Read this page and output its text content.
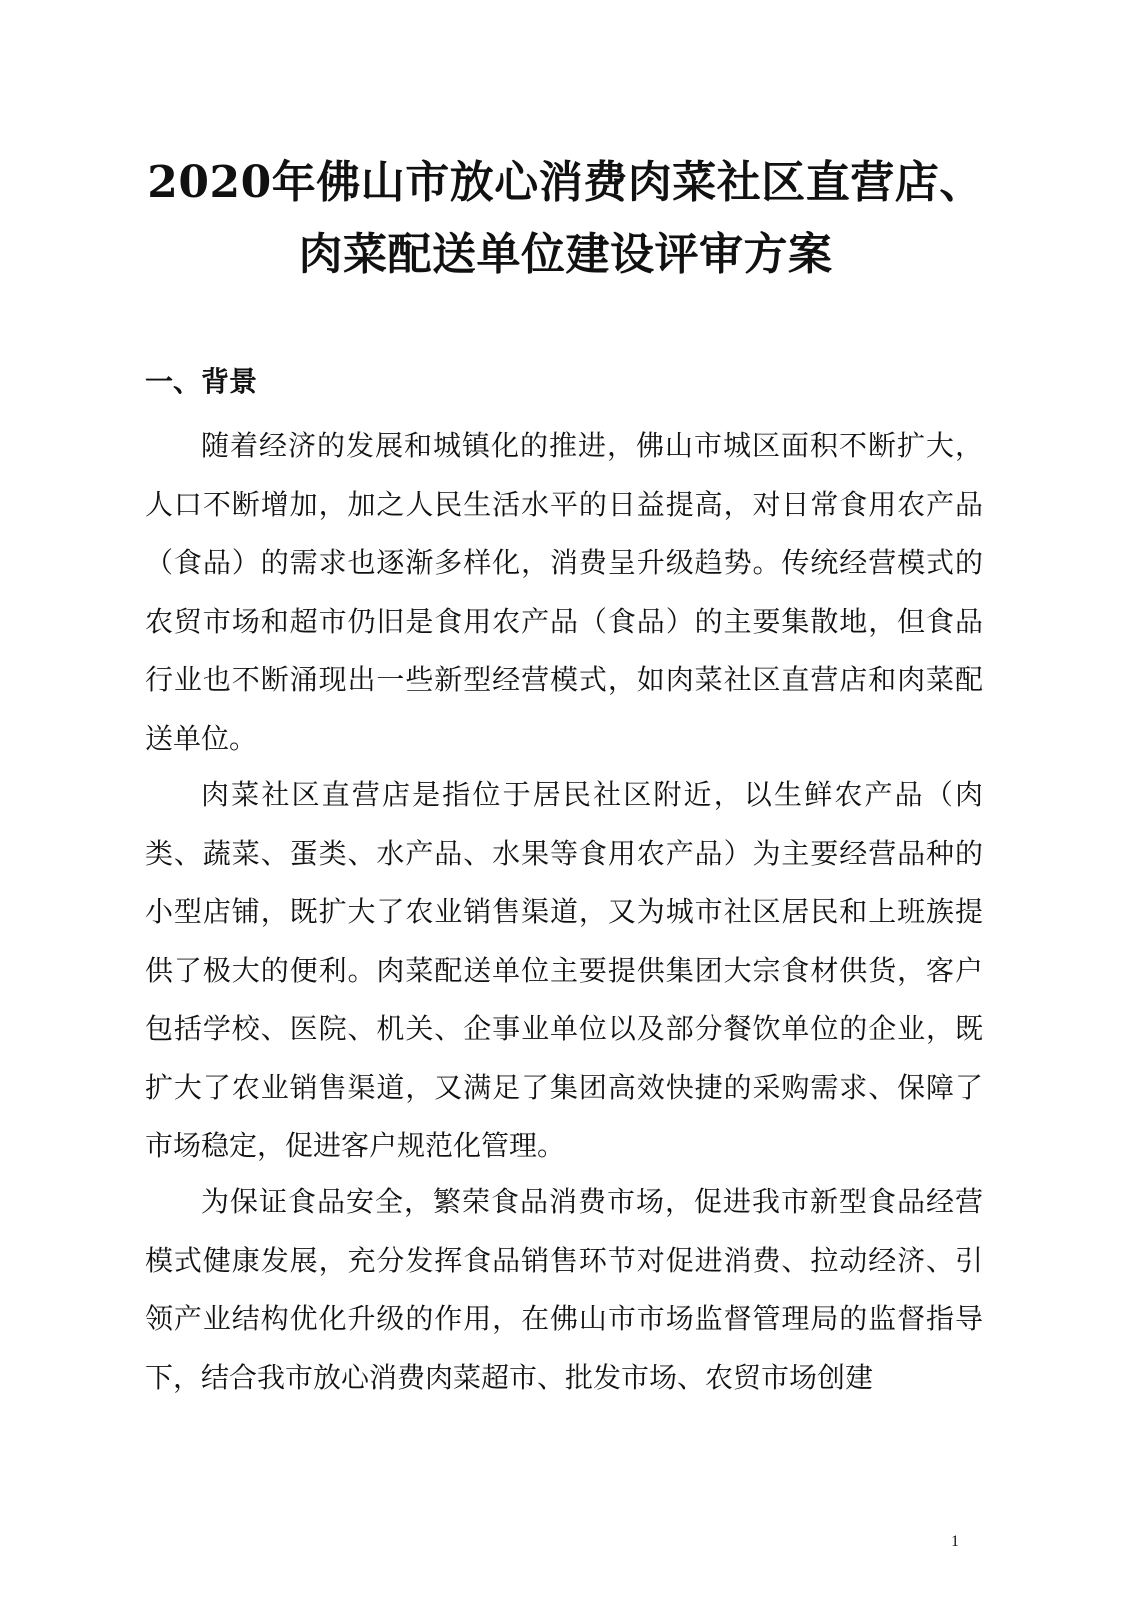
2020年佛山市放心消费肉菜社区直营店、
肉菜配送单位建设评审方案
一、背景

随着经济的发展和城镇化的推进，佛山市城区面积不断扩大，人口不断增加，加之人民生活水平的日益提高，对日常食用农产品（食品）的需求也逐渐多样化，消费呈升级趋势。传统经营模式的农贸市场和超市仍旧是食用农产品（食品）的主要集散地，但食品行业也不断涌现出一些新型经营模式，如肉菜社区直营店和肉菜配送单位。

肉菜社区直营店是指位于居民社区附近，以生鲜农产品（肉类、蔬菜、蛋类、水产品、水果等食用农产品）为主要经营品种的小型店铺，既扩大了农业销售渠道，又为城市社区居民和上班族提供了极大的便利。肉菜配送单位主要提供集团大宗食材供货，客户包括学校、医院、机关、企事业单位以及部分餐饮单位的企业，既扩大了农业销售渠道，又满足了集团高效快捷的采购需求、保障了市场稳定，促进客户规范化管理。

为保证食品安全，繁荣食品消费市场，促进我市新型食品经营模式健康发展，充分发挥食品销售环节对促进消费、拉动经济、引领产业结构优化升级的作用，在佛山市市场监督管理局的监督指导下，结合我市放心消费肉菜超市、批发市场、农贸市场创建

1
